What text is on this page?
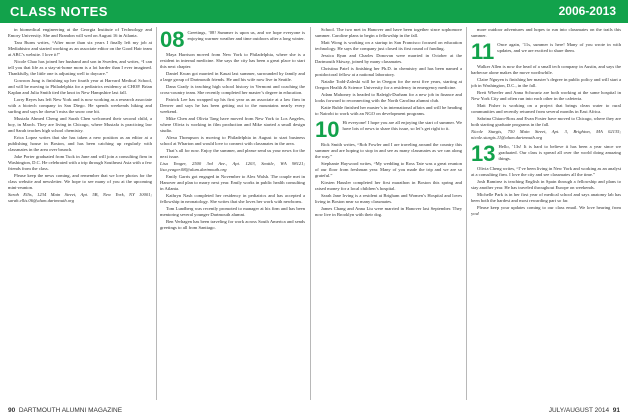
CLASS NOTES	2006-2013

in biomedical engineering at the Georgia Institute of Technology and Emory University. She and Brandon will wed on August 16 in Atlanta.

Tara Burns writes, “After more than six years I finally left my job at Mediabistro and started working as an associate editor on the Good Hair team at ABC’s website. I love it!”

Nicole Chao has joined her husband and son in Sweden, and writes, “I can tell you that life as a stay-at-home mom is a lot harder than I ever imagined. Thankfully, the little one is adjusting well to daycare.”

Gowoon Jung is finishing up her fourth year at Harvard Medical School, and will be moving to Philadelphia for a pediatrics residency at CHOP. Brian Kaplan and Julia Smith tied the knot in New Hampshire last fall.

Lorry Reyes has left New York and is now working as a research associate with a biotech company in San Diego. He spends weekends hiking and surfing and says he doesn’t miss the snow one bit.

Mustafa Ahmed Cheng and Sarah Chen welcomed their second child, a boy, in March. They are living in Chicago, where Mustafa is practicing law and Sarah teaches high school chemistry.

Erica Lopez writes that she has taken a new position as an editor at a publishing house in Boston, and has been catching up regularly with classmates in the area over brunch.

Jake Porter graduated from Tuck in June and will join a consulting firm in Washington, D.C. He celebrated with a trip through Southeast Asia with a few friends from the class.

Please keep the news coming, and remember that we love photos for the class website and newsletter. We hope to see many of you at the upcoming mini-reunion.

Sarah Ellis, 1234 Main Street, Apt. 5B, New York, NY 10001; sarah.ellis.06@alum.dartmouth.org

08 Greetings, ’08! Summer is upon us, and we hope everyone is enjoying warmer weather and time outdoors after a long winter.

Maya Harrison moved from New York to Philadelphia, where she is a resident in internal medicine. She says the city has been a great place to start this next chapter.

Daniel Kwan got married in Kauai last summer, surrounded by family and a large group of Dartmouth friends. He and his wife now live in Seattle.

Dana Grady is teaching high school history in Vermont and coaching the cross-country team. She recently completed her master’s degree in education.

Patrick Lee has wrapped up his first year as an associate at a law firm in Denver and says he has been getting out to the mountains nearly every weekend.

Mike Chen and Olivia Tang have moved from New York to Los Angeles, where Olivia is working in film production and Mike started a small design studio.

Alexa Thompson is moving to Philadelphia in August to start business school at Wharton and would love to connect with classmates in the area.

That’s all for now. Enjoy the summer, and please send us your news for the next issue.

Lisa Yeager, 2500 3rd Ave., Apt. 1203, Seattle, WA 98121; lisa.yeager.08@alum.dartmouth.org

Emily Garris got engaged in November to Alex Walsh. The couple met in Hanover and plan to marry next year. Emily works in public health consulting in Atlanta.

Kathryn Nash completed her residency in pediatrics and has accepted a fellowship in neonatology. She writes that she loves her work with newborns.

Tom Lundberg was recently promoted to manager at his firm and has been mentoring several younger Dartmouth alumni.

Ben Verhagen has been traveling for work across South America and sends greetings to all from Santiago.

School. The two met in Hanover and have been together since sophomore summer. Caroline plans to begin a fellowship in the fall.

Matt Wong is working on a startup in San Francisco focused on education technology. He says the company just closed its first round of funding.

Jessica Ryan and Charles Donovan were married in October at the Dartmouth Skiway, joined by many classmates.

Christina Patel is finishing her Ph.D. in chemistry and has been named a postdoctoral fellow at a national laboratory.

Natalie Todd-Zaleski will be in Oregon for the next five years, starting at Oregon Health & Science University for a residency in emergency medicine.

Adam Mahoney is headed to Raleigh-Durham for a new job in finance and looks forward to reconnecting with the North Carolina alumni club.

Katie Ruble finished her master’s in international affairs and will be heading to Nairobi to work with an NGO on development programs.

10 Hi everyone! I hope you are all enjoying the start of summer. We have lots of news to share this issue, so let’s get right to it.

Rick Smith writes, “Rob Fowler and I are traveling around the country this summer and are hoping to stop in and see as many classmates as we can along the way.”

Stephanie Haywood writes, “My wedding to Ross Tate was a great reunion of our floor from freshman year. Many of you made the trip and we are so grateful.”

Kirsten Hausler completed her first marathon in Boston this spring and raised money for a local children’s hospital.

Sarah Jane Irving is a resident at Brigham and Women’s Hospital and loves living in Boston near so many classmates.

James Chang and Anna Liu were married in Hanover last September. They now live in Brooklyn with their dog.

more outdoor adventures and hopes to run into classmates on the trails this summer.

11 Once again, ’11s, summer is here! Many of you wrote in with updates, and we are excited to share them.

Walker Allen is now the head of a small tech company in Austin, and says the barbecue alone makes the move worthwhile.

Claire Nguyen is finishing her master’s degree in public policy and will start a job in Washington, D.C., in the fall.

Brett Wheeler and Anna Schwartz are both working at the same hospital in New York City and often run into each other in the cafeteria.

Matt Fisher is working on a project that brings clean water to rural communities and recently returned from several months in East Africa.

Sabrina Chiaro-Ross and Evan Foster have moved to Chicago, where they are both starting graduate programs in the fall.

Nicole Sturgis, 750 Main Street, Apt. 3, Brighton, MA 02135; nicole.sturgis.11@alum.dartmouth.org

13 Hello, ’13s! It is hard to believe it has been a year since we graduated. Our class is spread all over the world doing amazing things.

Olivia Cheng writes, “I’ve been living in New York and working as an analyst at a consulting firm. I love the city and see classmates all the time.”

Josh Ramirez is teaching English in Spain through a fellowship and plans to stay another year. He has traveled throughout Europe on weekends.

Michelle Park is in her first year of medical school and says anatomy lab has been both the hardest and most rewarding part so far.

Please keep your updates coming to our class email. We love hearing from you!

90 DARTMOUTH ALUMNI MAGAZINE	JULY/AUGUST 2014 91
